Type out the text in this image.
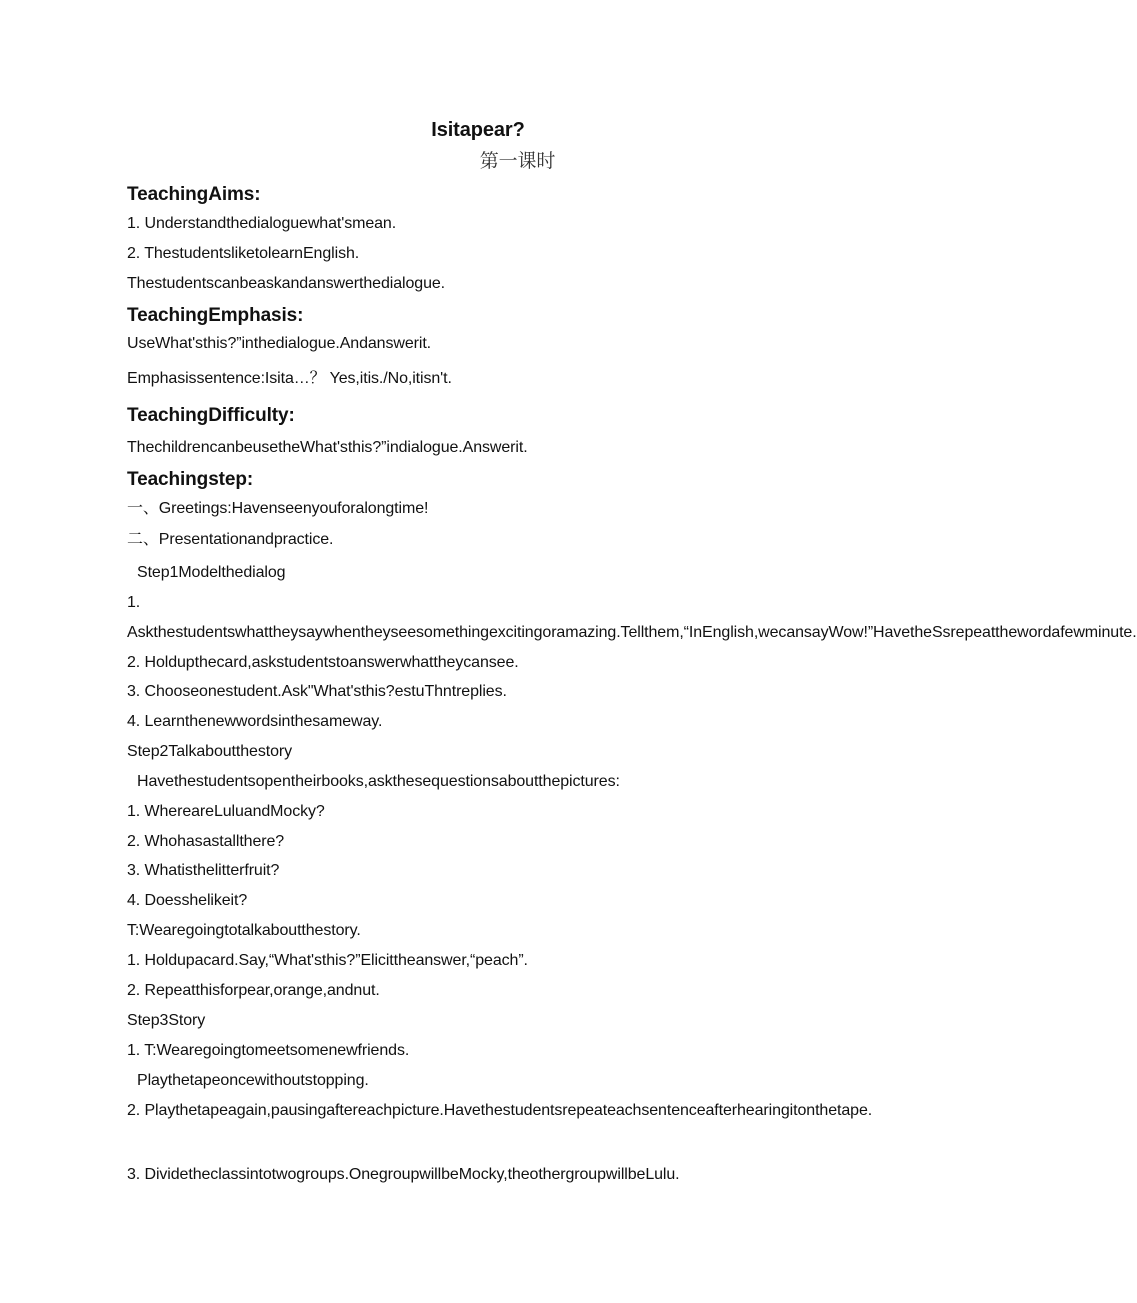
Isitapear?
第一课时
TeachingAims:
1. Understandthedialoguewhat'smean.
2. ThestudentsliketolearnEnglish.
Thestudentscanbeaskandanswerthedialogue.
TeachingEmphasis:
UseWhat'sthis?”inthedialogue.Andanswerit.
Emphasissentence:Isita…？ Yes,itis./No,itisn't.
TeachingDifficulty:
ThechildrencanbeusetheWhat'sthis?”indialogue.Answerit.
Teachingstep:
一、Greetings:Havenseenyouforalongtime!
二、Presentationandpractice.
Step1Modelthedialog
1. Askthestudentswhattheysaywhentheyseesomethingexcitingoramazing.Tellthem,“InEnglish,wecansayWow!”HavetheSsrepeatthewordafewminute.
2. Holdupthecard,askstudentstoanswerwhattheycansee.
3. Chooseonestudent.Ask"What'sthis?estuThntreplies.
4. Learnthenewwordsinthesameway.
Step2Talkaboutthestory
Havethestudentsopentheirbooks,askthesequestionsaboutthepictures:
1. WhereareLuluandMocky?
2. Whohasastallthere?
3. Whatisthelitterfruit?
4. Doesshelikeit?
T:Wearegoingtotalkaboutthestory.
1. Holdupacard.Say,“What'sthis?”Elicittheanswer,“peach”.
2. Repeatthisforpear,orange,andnut.
Step3Story
1. T:Wearegoingtomeetsomenewfriends.
Playthetapeoncewithoutstopping.
2. Playthetapeagain,pausingaftereachpicture.Havethestudentsrepeateachsentenceafterhearingitonthetape.
3. Dividetheclassintotwogroups.OnegroupwillbeMocky,theothergroupwillbeLulu.
